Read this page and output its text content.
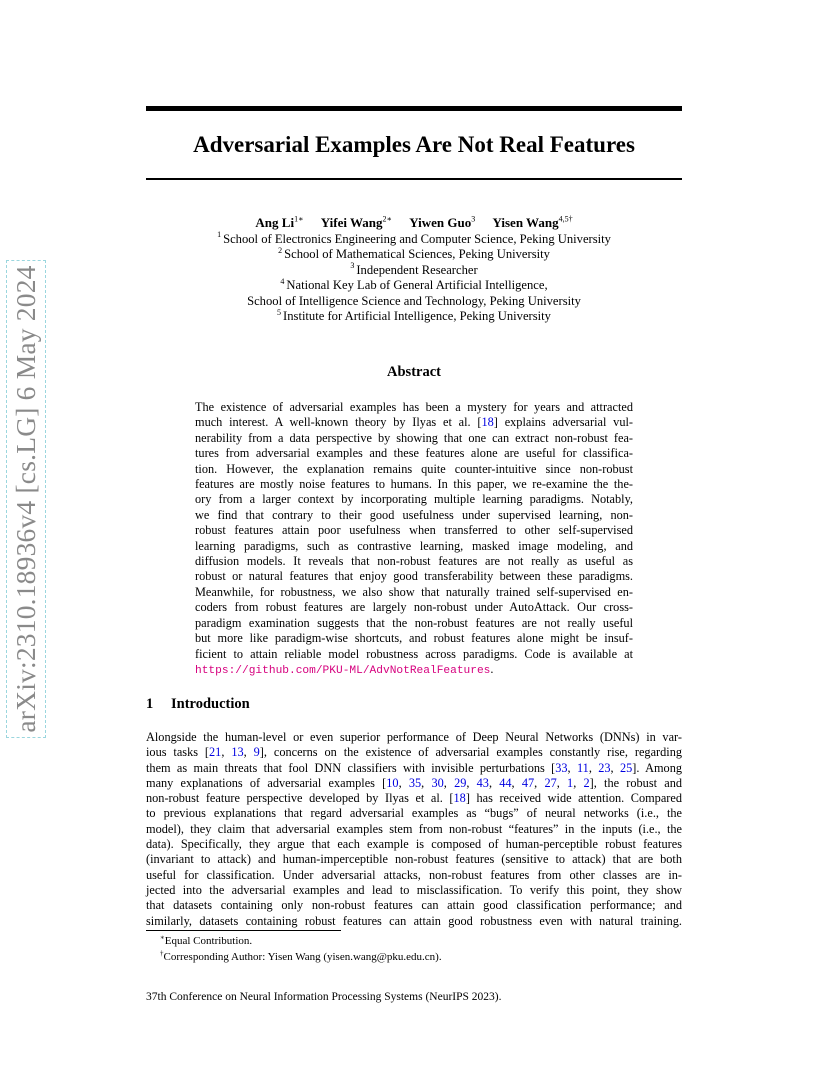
arXiv:2310.18936v4 [cs.LG] 6 May 2024
Adversarial Examples Are Not Real Features
Ang $Li^{1∗}$ Yifei Wang$^{2∗}$ Yiwen Guo$^3$ Yisen Wang$^{4,5\dagger}$
$^1$ School of Electronics Engineering and Computer Science, Peking University
$^2$ School of Mathematical Sciences, Peking University
$^3$ Independent Researcher
$^4$ National Key Lab of General Artificial Intelligence,
School of Intelligence Science and Technology, Peking University
$^5$ Institute for Artificial Intelligence, Peking University
Abstract
The existence of adversarial examples has been a mystery for years and attracted
much interest. A well-known theory by Ilyas et al. [18] explains adversarial vul-
nerability from a data perspective by showing that one can extract non-robust fea-
tures from adversarial examples and these features alone are useful for classifica-
tion. However, the explanation remains quite counter-intuitive since non-robust
features are mostly noise features to humans. In this paper, we re-examine the the-
ory from a larger context by incorporating multiple learning paradigms. Notably,
we find that contrary to their good usefulness under supervised learning, non-
robust features attain poor usefulness when transferred to other self-supervised
learning paradigms, such as contrastive learning, masked image modeling, and
diffusion models. It reveals that non-robust features are not really as useful as
robust or natural features that enjoy good transferability between these paradigms.
Meanwhile, for robustness, we also show that naturally trained self-supervised en-
coders from robust features are largely non-robust under AutoAttack. Our cross-
paradigm examination suggests that the non-robust features are not really useful
but more like paradigm-wise shortcuts, and robust features alone might be insuf-
ficient to attain reliable model robustness across paradigms. Code is available at
https://github.com/PKU-ML/AdvNotRealFeatures.
1 Introduction
Alongside the human-level or even superior performance of Deep Neural Networks (DNNs) in var-
ious tasks [21, 13, 9], concerns on the existence of adversarial examples constantly rise, regarding
them as main threats that fool DNN classifiers with invisible perturbations [33, 11, 23, 25]. Among
many explanations of adversarial examples [10, 35, 30, 29, 43, 44, 47, 27, 1, 2], the robust and
non-robust feature perspective developed by Ilyas et al. [18] has received wide attention. Compared
to previous explanations that regard adversarial examples as “bugs” of neural networks (i.e., the
model), they claim that adversarial examples stem from non-robust “features” in the inputs (i.e., the
data). Specifically, they argue that each example is composed of human-perceptible robust features
(invariant to attack) and human-imperceptible non-robust features (sensitive to attack) that are both
useful for classification. Under adversarial attacks, non-robust features from other classes are in-
jected into the adversarial examples and lead to misclassification. To verify this point, they show
that datasets containing only non-robust features can attain good classification performance; and
similarly, datasets containing robust features can attain good robustness even with natural training.
∗Equal Contribution.
†Corresponding Author: Yisen Wang (yisen.wang@pku.edu.cn).
37th Conference on Neural Information Processing Systems (NeurIPS 2023).
